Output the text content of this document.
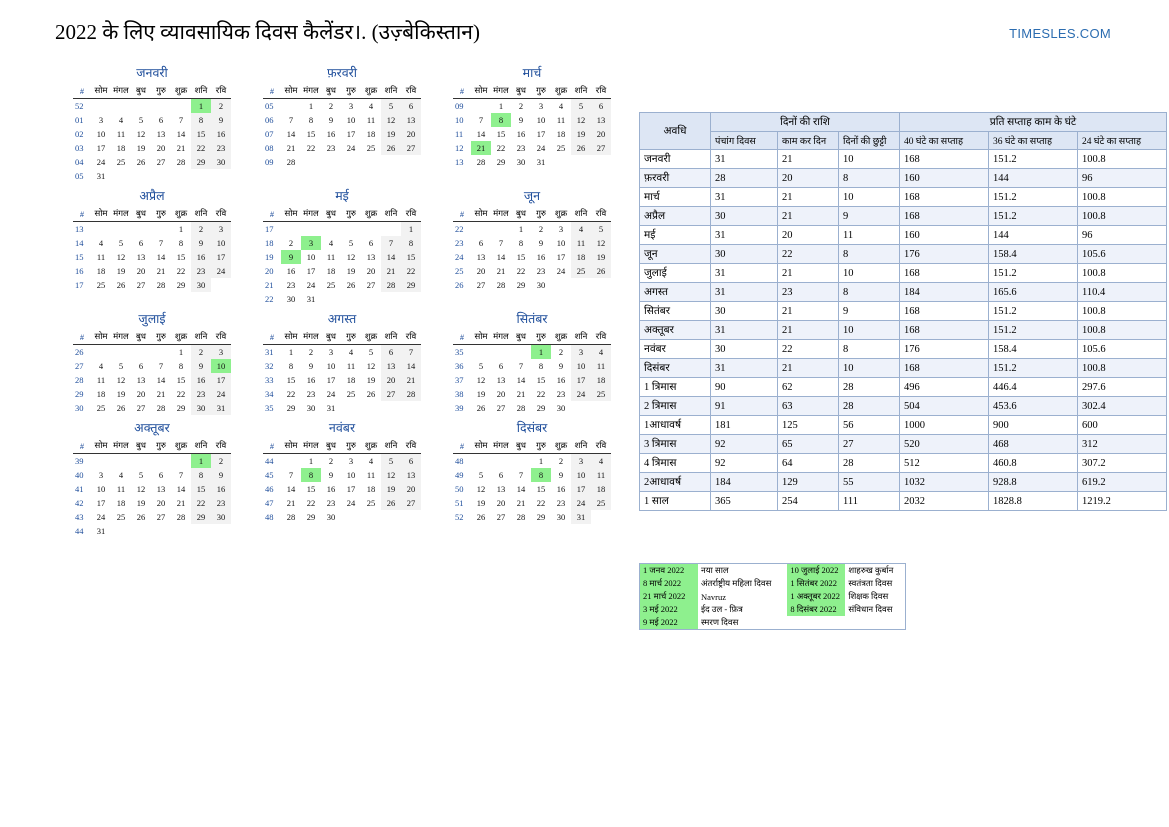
2022 के लिए व्यावसायिक दिवस कैलेंडर।. (उज़्बेकिस्तान)	TIMESLES.COM
जनवरी
#	सोम	मंगल	बुध	गुरु	शुक्र	शनि	रवि
52						1	2
01	3	4	5	6	7	8	9
02	10	11	12	13	14	15	16
03	17	18	19	20	21	22	23
04	24	25	26	27	28	29	30
05	31						
फ़रवरी
#	सोम	मंगल	बुध	गुरु	शुक्र	शनि	रवि
05		1	2	3	4	5	6
06	7	8	9	10	11	12	13
07	14	15	16	17	18	19	20
08	21	22	23	24	25	26	27
09	28						
मार्च
#	सोम	मंगल	बुध	गुरु	शुक्र	शनि	रवि
09		1	2	3	4	5	6
10	7	8	9	10	11	12	13
11	14	15	16	17	18	19	20
12	21	22	23	24	25	26	27
13	28	29	30	31			
अप्रैल
#	सोम	मंगल	बुध	गुरु	शुक्र	शनि	रवि
13					1	2	3
14	4	5	6	7	8	9	10
15	11	12	13	14	15	16	17
16	18	19	20	21	22	23	24
17	25	26	27	28	29	30	
मई
#	सोम	मंगल	बुध	गुरु	शुक्र	शनि	रवि
17							1
18	2	3	4	5	6	7	8
19	9	10	11	12	13	14	15
20	16	17	18	19	20	21	22
21	23	24	25	26	27	28	29
22	30	31					
जून
#	सोम	मंगल	बुध	गुरु	शुक्र	शनि	रवि
22			1	2	3	4	5
23	6	7	8	9	10	11	12
24	13	14	15	16	17	18	19
25	20	21	22	23	24	25	26
26	27	28	29	30			
जुलाई
#	सोम	मंगल	बुध	गुरु	शुक्र	शनि	रवि
26					1	2	3
27	4	5	6	7	8	9	10
28	11	12	13	14	15	16	17
29	18	19	20	21	22	23	24
30	25	26	27	28	29	30	31
अगस्त
#	सोम	मंगल	बुध	गुरु	शुक्र	शनि	रवि
31	1	2	3	4	5	6	7
32	8	9	10	11	12	13	14
33	15	16	17	18	19	20	21
34	22	23	24	25	26	27	28
35	29	30	31				
सितंबर
#	सोम	मंगल	बुध	गुरु	शुक्र	शनि	रवि
35				1	2	3	4
36	5	6	7	8	9	10	11
37	12	13	14	15	16	17	18
38	19	20	21	22	23	24	25
39	26	27	28	29	30		
अक्तूबर
#	सोम	मंगल	बुध	गुरु	शुक्र	शनि	रवि
39						1	2
40	3	4	5	6	7	8	9
41	10	11	12	13	14	15	16
42	17	18	19	20	21	22	23
43	24	25	26	27	28	29	30
44	31						
नवंबर
#	सोम	मंगल	बुध	गुरु	शुक्र	शनि	रवि
44		1	2	3	4	5	6
45	7	8	9	10	11	12	13
46	14	15	16	17	18	19	20
47	21	22	23	24	25	26	27
48	28	29	30				
दिसंबर
#	सोम	मंगल	बुध	गुरु	शुक्र	शनि	रवि
48				1	2	3	4
49	5	6	7	8	9	10	11
50	12	13	14	15	16	17	18
51	19	20	21	22	23	24	25
52	26	27	28	29	30	31	
अवधि	दिनों की राशि			प्रति सप्ताह काम के घंटे		
	पंचांग दिवस	काम कर दिन	दिनों की छुट्टी	40 घंटे का सप्ताह	36 घंटे का सप्ताह	24 घंटे का सप्ताह
जनवरी	31	21	10	168	151.2	100.8
फ़रवरी	28	20	8	160	144	96
मार्च	31	21	10	168	151.2	100.8
अप्रैल	30	21	9	168	151.2	100.8
मई	31	20	11	160	144	96
जून	30	22	8	176	158.4	105.6
जुलाई	31	21	10	168	151.2	100.8
अगस्त	31	23	8	184	165.6	110.4
सितंबर	30	21	9	168	151.2	100.8
अक्तूबर	31	21	10	168	151.2	100.8
नवंबर	30	22	8	176	158.4	105.6
दिसंबर	31	21	10	168	151.2	100.8
1 त्रिमास	90	62	28	496	446.4	297.6
2 त्रिमास	91	63	28	504	453.6	302.4
1आधावर्ष	181	125	56	1000	900	600
3 त्रिमास	92	65	27	520	468	312
4 त्रिमास	92	64	28	512	460.8	307.2
2आधावर्ष	184	129	55	1032	928.8	619.2
1 साल	365	254	111	2032	1828.8	1219.2
1 जनव 2022	नया साल	10 जुलाई 2022	शाहरुख कुर्बान
8 मार्च 2022	अंतर्राष्ट्रीय महिला दिवस	1 सितंबर 2022	स्वतंत्रता दिवस
21 मार्च 2022	Navruz	1 अक्तूबर 2022	शिक्षक दिवस
3 मई 2022	ईद उल - फ़ित्र	8 दिसंबर 2022	संविधान दिवस
9 मई 2022	स्मरण दिवस		
